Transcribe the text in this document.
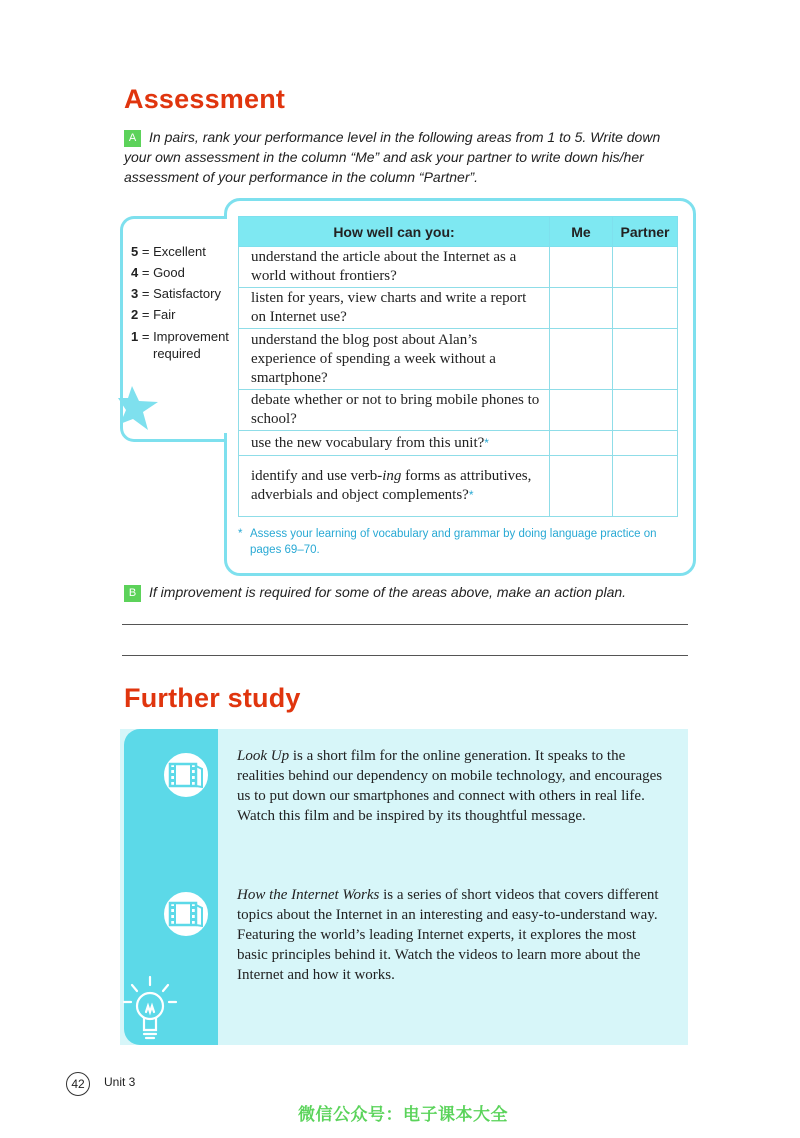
Assessment
A In pairs, rank your performance level in the following areas from 1 to 5. Write down your own assessment in the column “Me” and ask your partner to write down his/her assessment of your performance in the column “Partner”.
5 = Excellent
4 = Good
3 = Satisfactory
2 = Fair
1 = Improvement
required
How well can you:	Me	Partner
understand the article about the Internet as a world without frontiers?		
listen for years, view charts and write a report on Internet use?		
understand the blog post about Alan’s experience of spending a week without a smartphone?		
debate whether or not to bring mobile phones to school?		
use the new vocabulary from this unit?*		
identify and use verb-ing forms as attributives, adverbials and object complements?*		
* Assess your learning of vocabulary and grammar by doing language practice on pages 69–70.
B If improvement is required for some of the areas above, make an action plan.
Further study
Look Up is a short film for the online generation. It speaks to the realities behind our dependency on mobile technology, and encourages us to put down our smartphones and connect with others in real life. Watch this film and be inspired by its thoughtful message.
How the Internet Works is a series of short videos that covers different topics about the Internet in an interesting and easy-to-understand way. Featuring the world’s leading Internet experts, it explores the most basic principles behind it. Watch the videos to learn more about the Internet and how it works.
42	Unit 3
微信公众号：电子课本大全
